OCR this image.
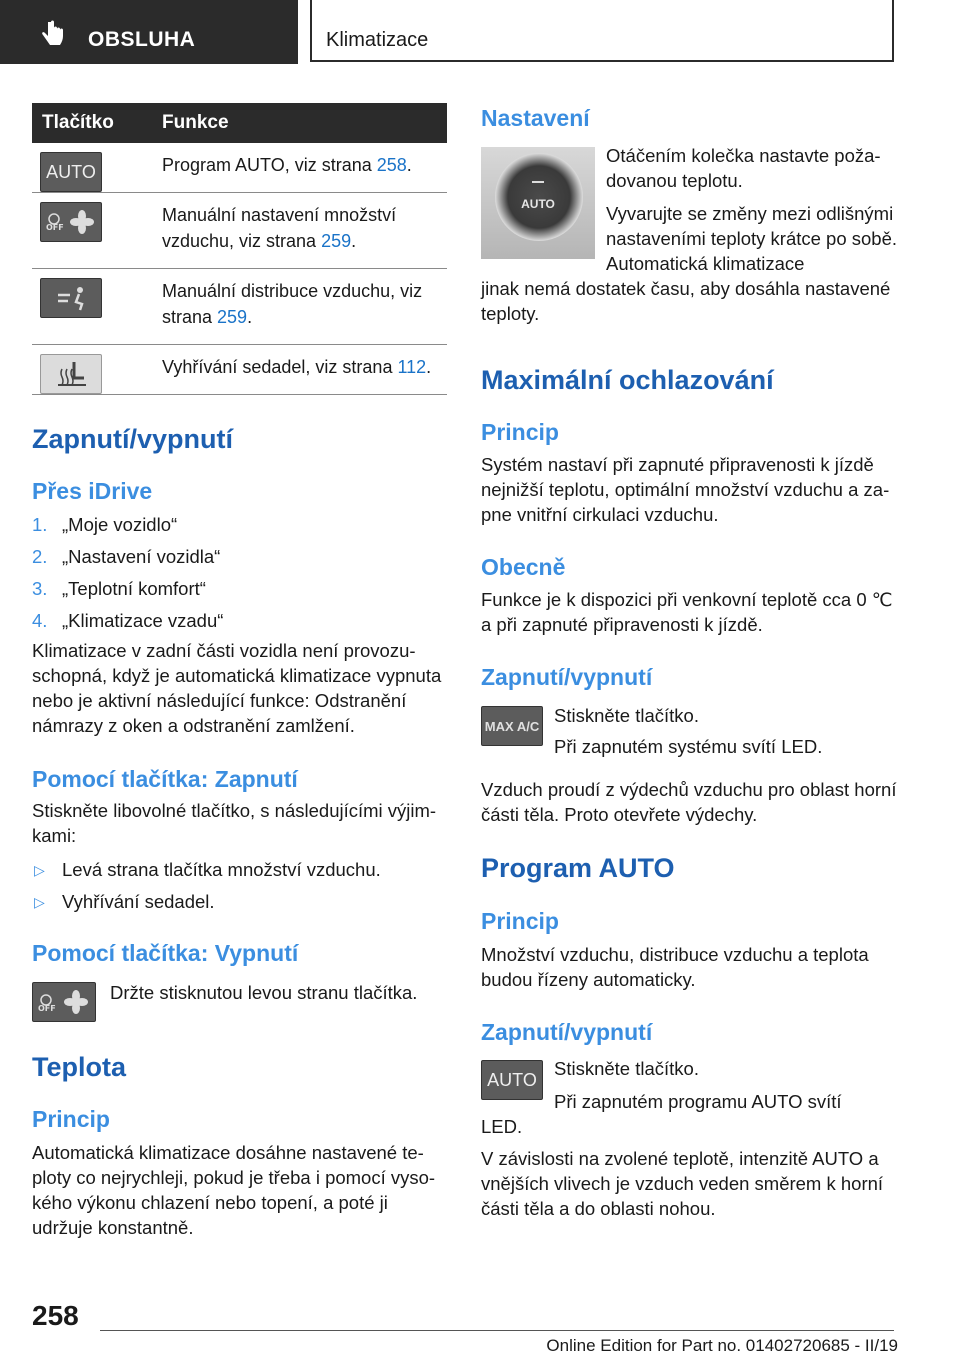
OBSLUHA	Klimatizace
Tlačítko	Funkce

AUTO	Program AUTO, viz strana 258.

OFF	Manuální nastavení množství vzduchu, viz strana 259.

	Manuální distribuce vzduchu, viz strana 259.

	Vyhřívání sedadel, viz strana 112.
Zapnutí/vypnutí
Přes iDrive
1. „Moje vozidlo“
2. „Nastavení vozidla“
3. „Teplotní komfort“
4. „Klimatizace vzadu“

Klimatizace v zadní části vozidla není provozuschopná, když je automatická klimatizace vypnuta nebo je aktivní následující funkce: Odstranění námrazy z oken a odstranění zamlžení.

Pomocí tlačítka: Zapnutí

Stiskněte libovolné tlačítko, s následujícími výjimkami:

▷ Levá strana tlačítka množství vzduchu.
▷ Vyhřívání sedadel.
Pomocí tlačítka: Vypnutí
OFF
Držte stisknutou levou stranu tlačítka.
Teplota
Princip

Automatická klimatizace dosáhne nastavené teploty co nejrychleji, pokud je třeba i pomocí vysokého výkonu chlazení nebo topení, a poté ji udržuje konstantně.

Nastavení
AUTO

Otáčením kolečka nastavte požadovanou teplotu.

Vyvarujte se změny mezi odlišnými nastaveními teploty krátce po sobě. Automatická klimatizace

jinak nemá dostatek času, aby dosáhla nastavené teploty.

Maximální ochlazování
Princip

Systém nastaví při zapnuté připravenosti k jízdě nejnižší teplotu, optimální množství vzduchu a zapne vnitřní cirkulaci vzduchu.

Obecně

Funkce je k dispozici při venkovní teplotě cca 0 ℃ a při zapnuté připravenosti k jízdě.

Zapnutí/vypnutí
MAX A/C Stiskněte tlačítko.
Při zapnutém systému svítí LED.

Vzduch proudí z výdechů vzduchu pro oblast horní části těla. Proto otevřete výdechy.

Program AUTO
Princip

Množství vzduchu, distribuce vzduchu a teplota budou řízeny automaticky.

Zapnutí/vypnutí
AUTO
Stiskněte tlačítko.
Při zapnutém programu AUTO svítí
LED.

V závislosti na zvolené teplotě, intenzitě AUTO a vnějších vlivech je vzduch veden směrem k horní části těla a do oblasti nohou.

258
Online Edition for Part no. 01402720685 - II/19
